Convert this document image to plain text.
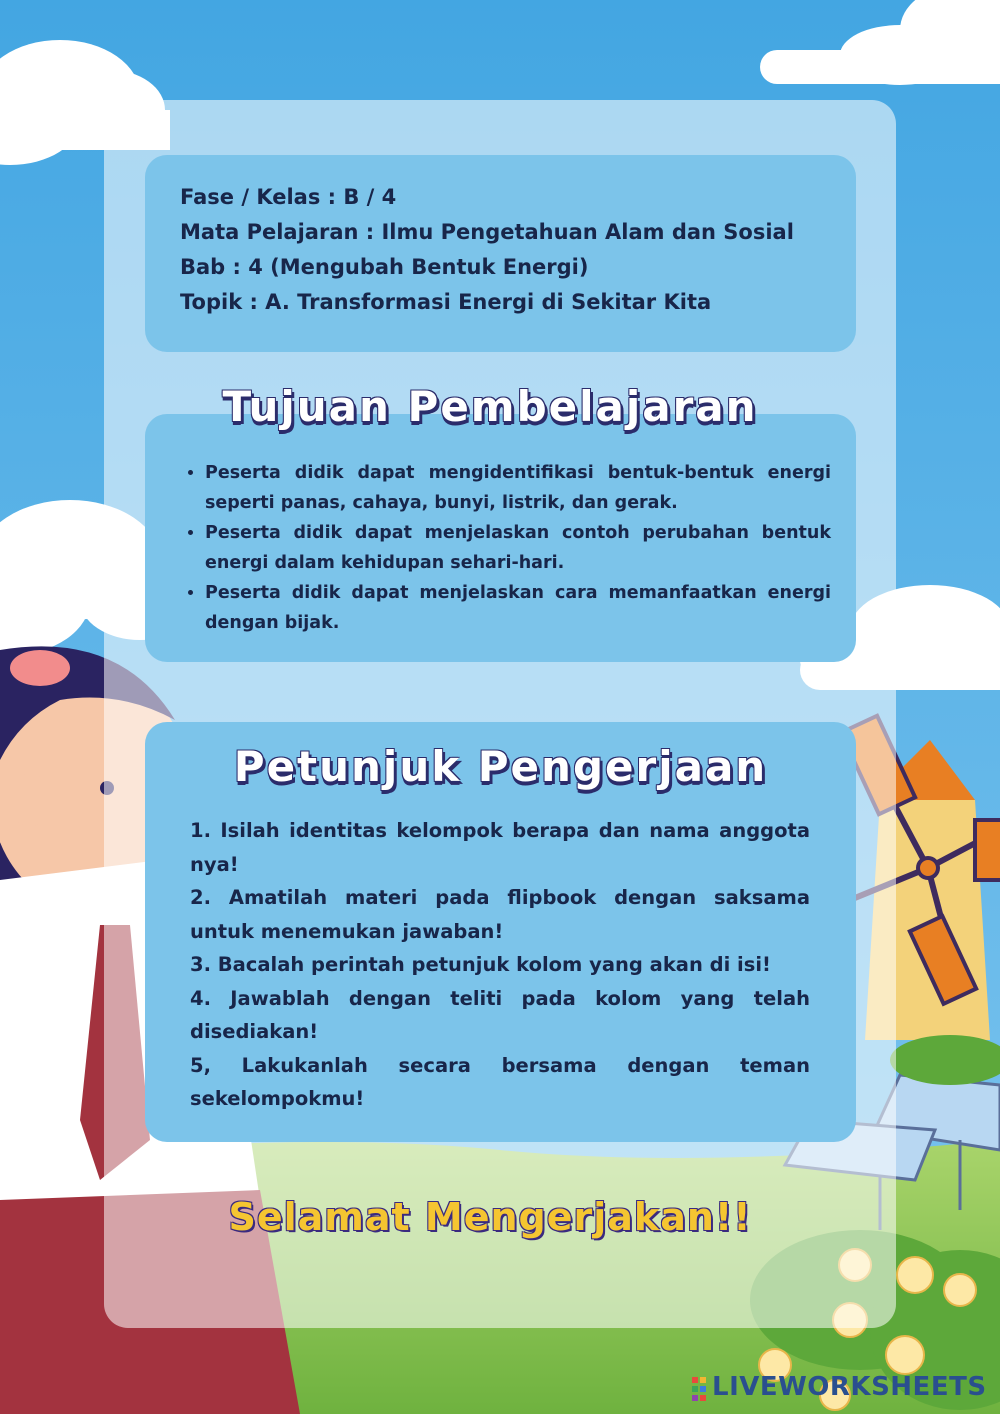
Fase / Kelas : B / 4

Mata Pelajaran : Ilmu Pengetahuan Alam dan Sosial

Bab : 4 (Mengubah Bentuk Energi)

Topik : A. Transformasi Energi di Sekitar Kita

• Peserta didik dapat mengidentifikasi bentuk-bentuk energi seperti panas, cahaya, bunyi, listrik, dan gerak.
• Peserta didik dapat menjelaskan contoh perubahan bentuk energi dalam kehidupan sehari-hari.
• Peserta didik dapat menjelaskan cara memanfaatkan energi dengan bijak.
Tujuan Pembelajaran
Petunjuk Pengerjaan
1. Isilah identitas kelompok berapa dan nama anggota nya!
2. Amatilah materi pada flipbook dengan saksama untuk menemukan jawaban!
3. Bacalah perintah petunjuk kolom yang akan di isi!
4. Jawablah dengan teliti pada kolom yang telah disediakan!
5, Lakukanlah secara bersama dengan teman sekelompokmu!
Selamat Mengerjakan!!
LIVEWORKSHEETS
